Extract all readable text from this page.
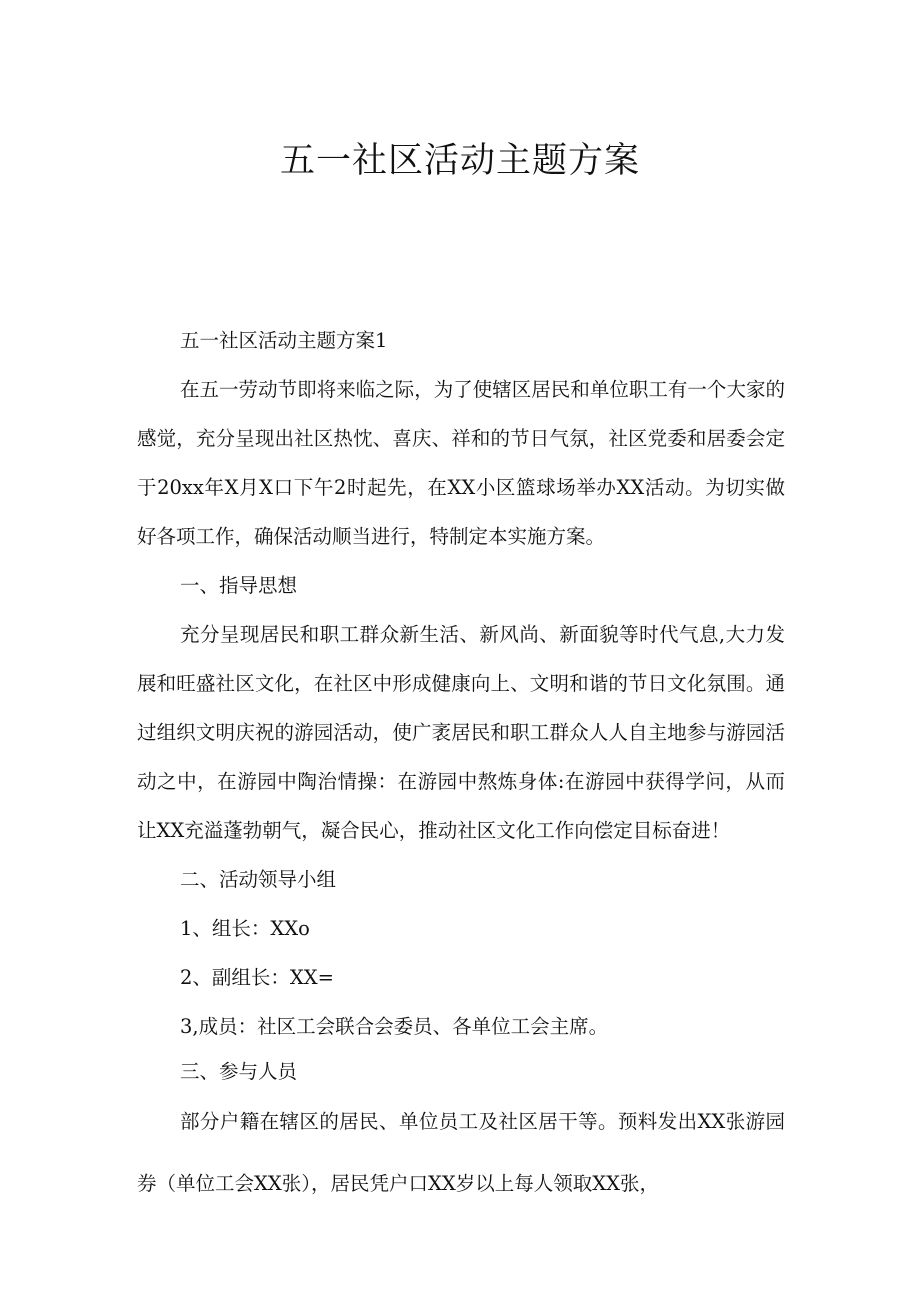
五一社区活动主题方案

五一社区活动主题方案1

在五一劳动节即将来临之际，为了使辖区居民和单位职工有一个大家的感觉，充分呈现出社区热忱、喜庆、祥和的节日气氛，社区党委和居委会定于20xx年X月X口下午2时起先，在XX小区篮球场举办XX活动。为切实做好各项工作，确保活动顺当进行，特制定本实施方案。

一、指导思想

充分呈现居民和职工群众新生活、新风尚、新面貌等时代气息,大力发展和旺盛社区文化，在社区中形成健康向上、文明和谐的节日文化氛围。通过组织文明庆祝的游园活动，使广袤居民和职工群众人人自主地参与游园活动之中，在游园中陶治情操：在游园中熬炼身体:在游园中获得学问，从而让XX充溢蓬勃朝气，凝合民心，推动社区文化工作向偿定目标奋进！

二、活动领导小组

1、组长：XXo

2、副组长：XX=

3,成员：社区工会联合会委员、各单位工会主席。

三、参与人员

部分户籍在辖区的居民、单位员工及社区居干等。预料发出XX张游园券（单位工会XX张），居民凭户口XX岁以上每人领取XX张，
